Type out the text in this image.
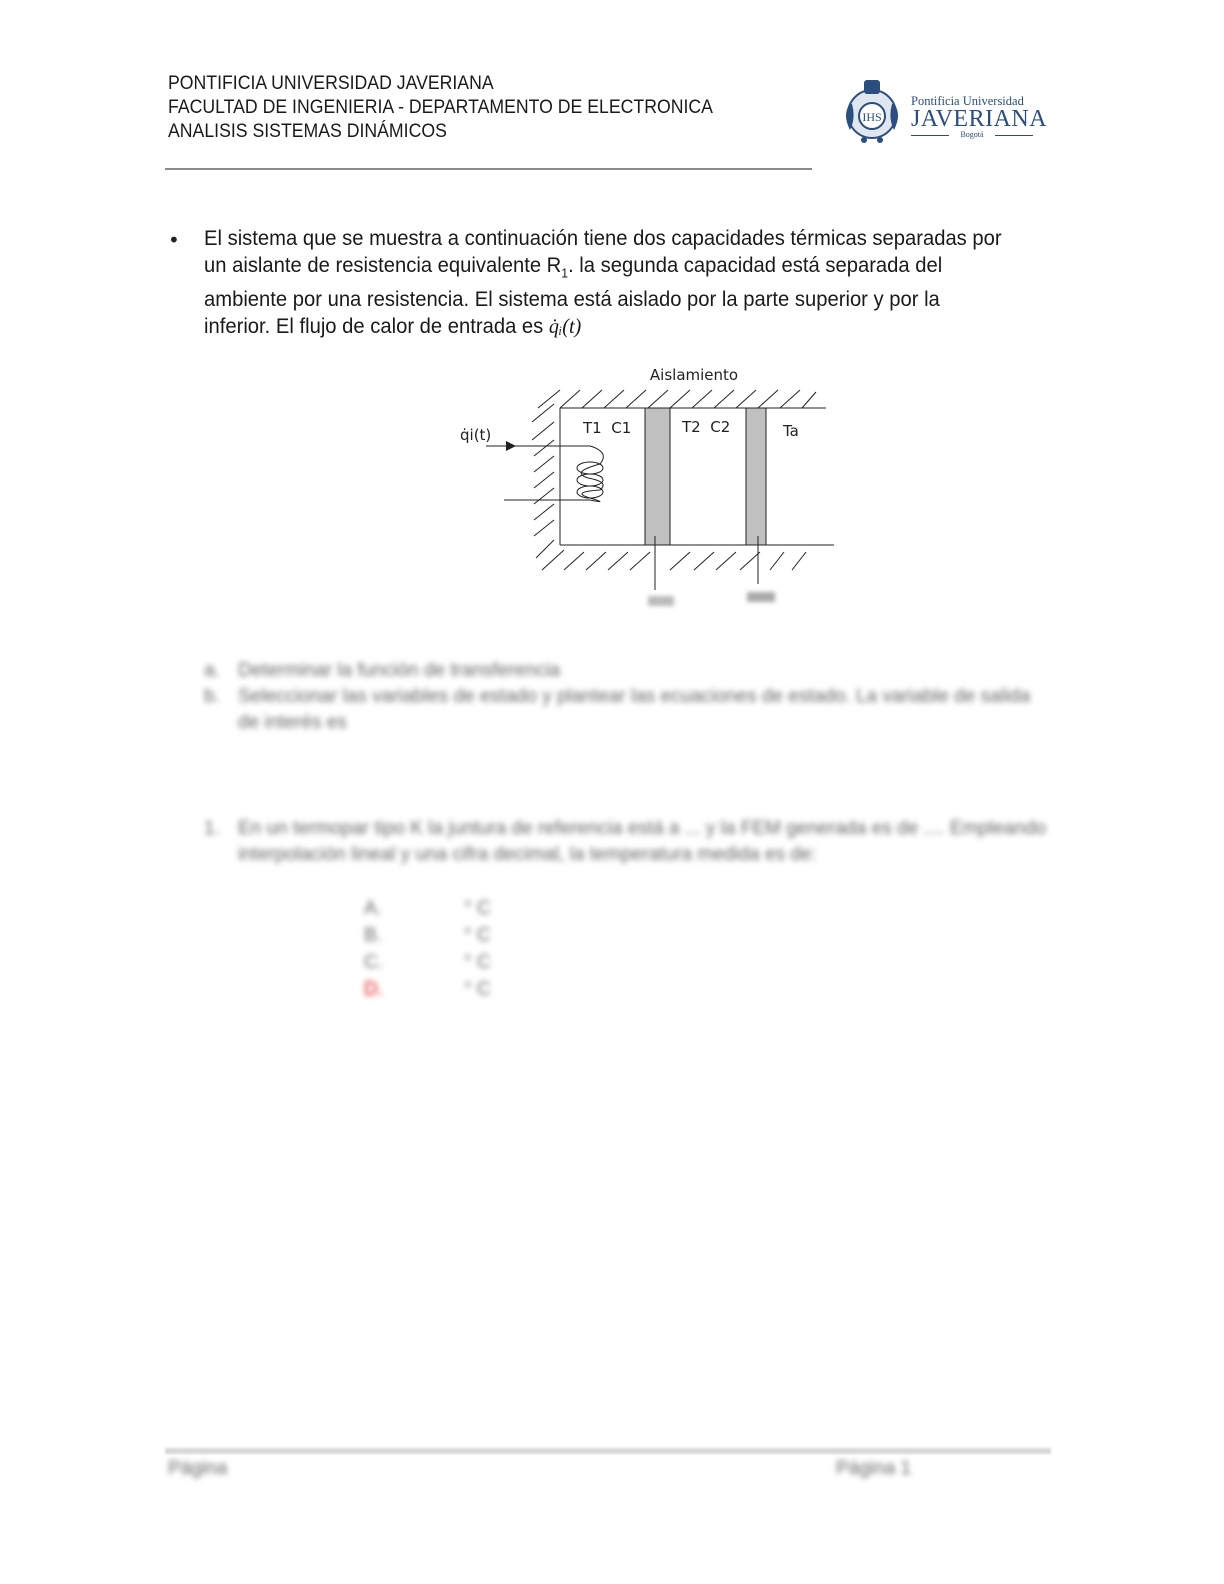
PONTIFICIA UNIVERSIDAD JAVERIANA
FACULTAD DE INGENIERIA - DEPARTAMENTO DE ELECTRONICA
ANALISIS SISTEMAS DINÁMICOS
IHS
Pontificia Universidad
JAVERIANA
Bogotá
• El sistema que se muestra a continuación tiene dos capacidades térmicas separadas por un aislante de resistencia equivalente $R_1$. la segunda capacidad está separada del ambiente por una resistencia. El sistema está aislado por la parte superior y por la inferior. El flujo de calor de entrada es q̇ᵢ(t)
Aislamiento
q̇i(t)	T1  C1	T2  C2	Ta
a. Determinar la función de transferencia
b. Seleccionar las variables de estado y plantear las ecuaciones de estado. La variable de salida de interés es
1. En un termopar tipo K la juntura de referencia está a ... y la FEM generada es de .... Empleando interpolación lineal y una cifra decimal, la temperatura medida es de:
A.	° C
B.	° C
C.	° C
D.	° C
Página	Página 1
